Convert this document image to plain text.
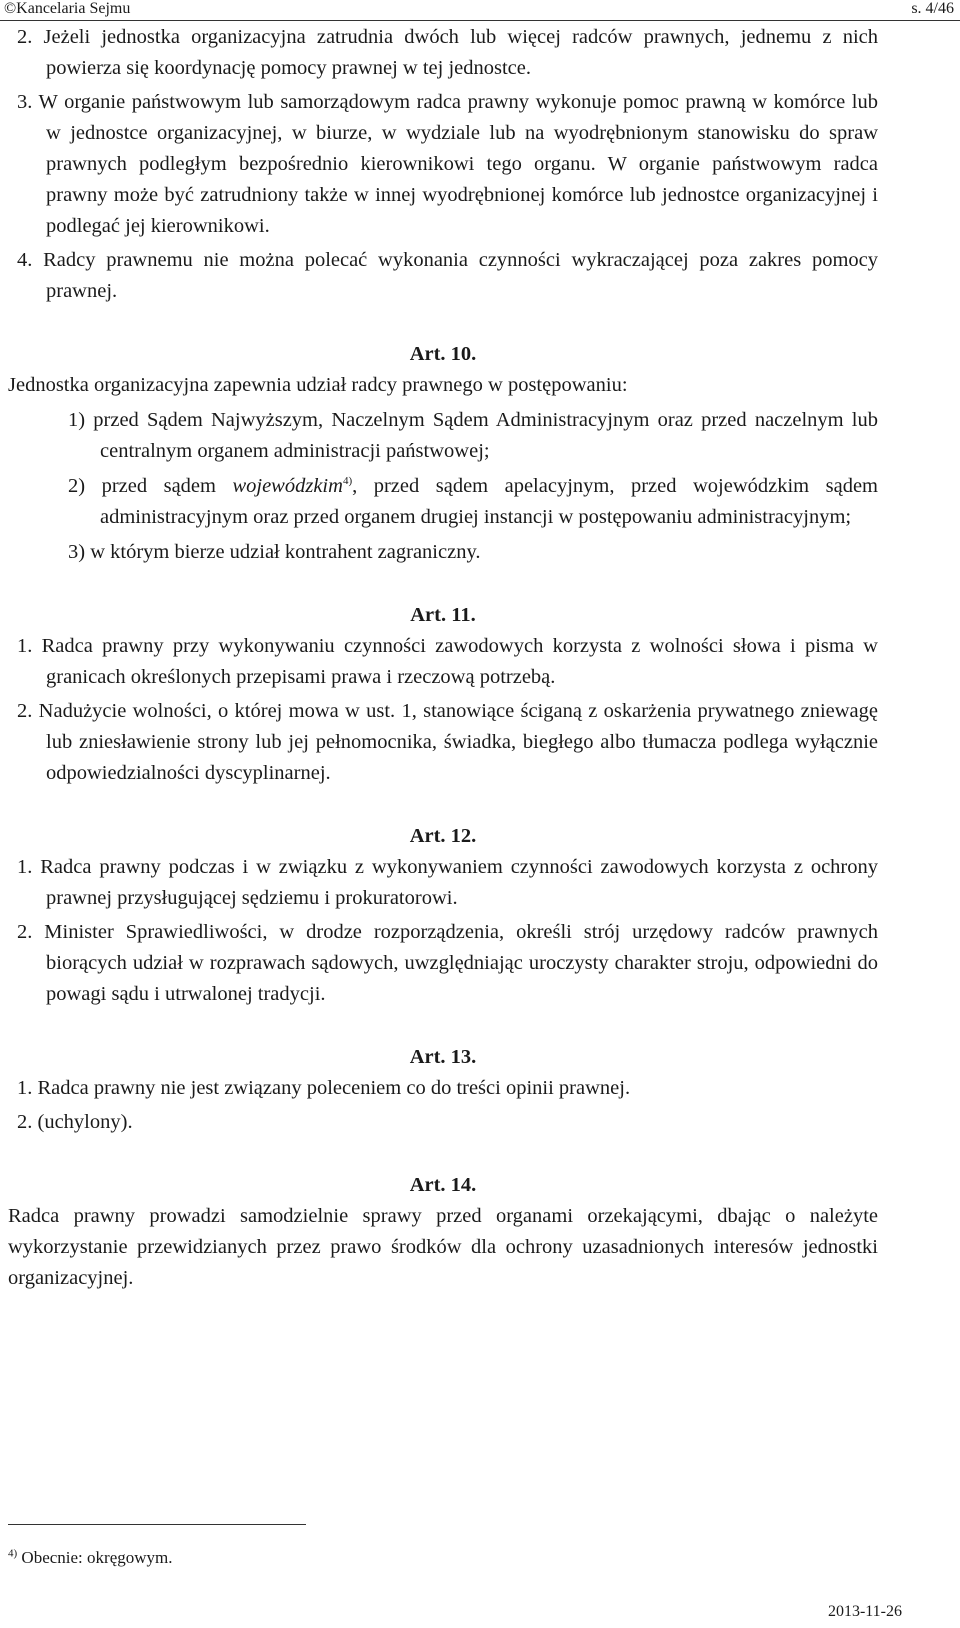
©Kancelaria Sejmu	s. 4/46

2. Jeżeli jednostka organizacyjna zatrudnia dwóch lub więcej radców prawnych, jednemu z nich powierza się koordynację pomocy prawnej w tej jednostce.

3. W organie państwowym lub samorządowym radca prawny wykonuje pomoc prawną w komórce lub w jednostce organizacyjnej, w biurze, w wydziale lub na wyodrębnionym stanowisku do spraw prawnych podległym bezpośrednio kierownikowi tego organu. W organie państwowym radca prawny może być zatrudniony także w innej wyodrębnionej komórce lub jednostce organizacyjnej i podlegać jej kierownikowi.

4. Radcy prawnemu nie można polecać wykonania czynności wykraczającej poza zakres pomocy prawnej.

Art. 10.

Jednostka organizacyjna zapewnia udział radcy prawnego w postępowaniu:

1) przed Sądem Najwyższym, Naczelnym Sądem Administracyjnym oraz przed naczelnym lub centralnym organem administracji państwowej;

2) przed sądem wojewódzkim$^{4)}$, przed sądem apelacyjnym, przed wojewódzkim sądem administracyjnym oraz przed organem drugiej instancji w postępowaniu administracyjnym;

3) w którym bierze udział kontrahent zagraniczny.

Art. 11.

1. Radca prawny przy wykonywaniu czynności zawodowych korzysta z wolności słowa i pisma w granicach określonych przepisami prawa i rzeczową potrzebą.

2. Nadużycie wolności, o której mowa w ust. 1, stanowiące ściganą z oskarżenia prywatnego zniewagę lub zniesławienie strony lub jej pełnomocnika, świadka, biegłego albo tłumacza podlega wyłącznie odpowiedzialności dyscyplinarnej.

Art. 12.

1. Radca prawny podczas i w związku z wykonywaniem czynności zawodowych korzysta z ochrony prawnej przysługującej sędziemu i prokuratorowi.

2. Minister Sprawiedliwości, w drodze rozporządzenia, określi strój urzędowy radców prawnych biorących udział w rozprawach sądowych, uwzględniając uroczysty charakter stroju, odpowiedni do powagi sądu i utrwalonej tradycji.

Art. 13.

1. Radca prawny nie jest związany poleceniem co do treści opinii prawnej.

2. (uchylony).

Art. 14.

Radca prawny prowadzi samodzielnie sprawy przed organami orzekającymi, dbając o należyte wykorzystanie przewidzianych przez prawo środków dla ochrony uzasadnionych interesów jednostki organizacyjnej.

$^{4)}$ Obecnie: okręgowym.
2013-11-26
